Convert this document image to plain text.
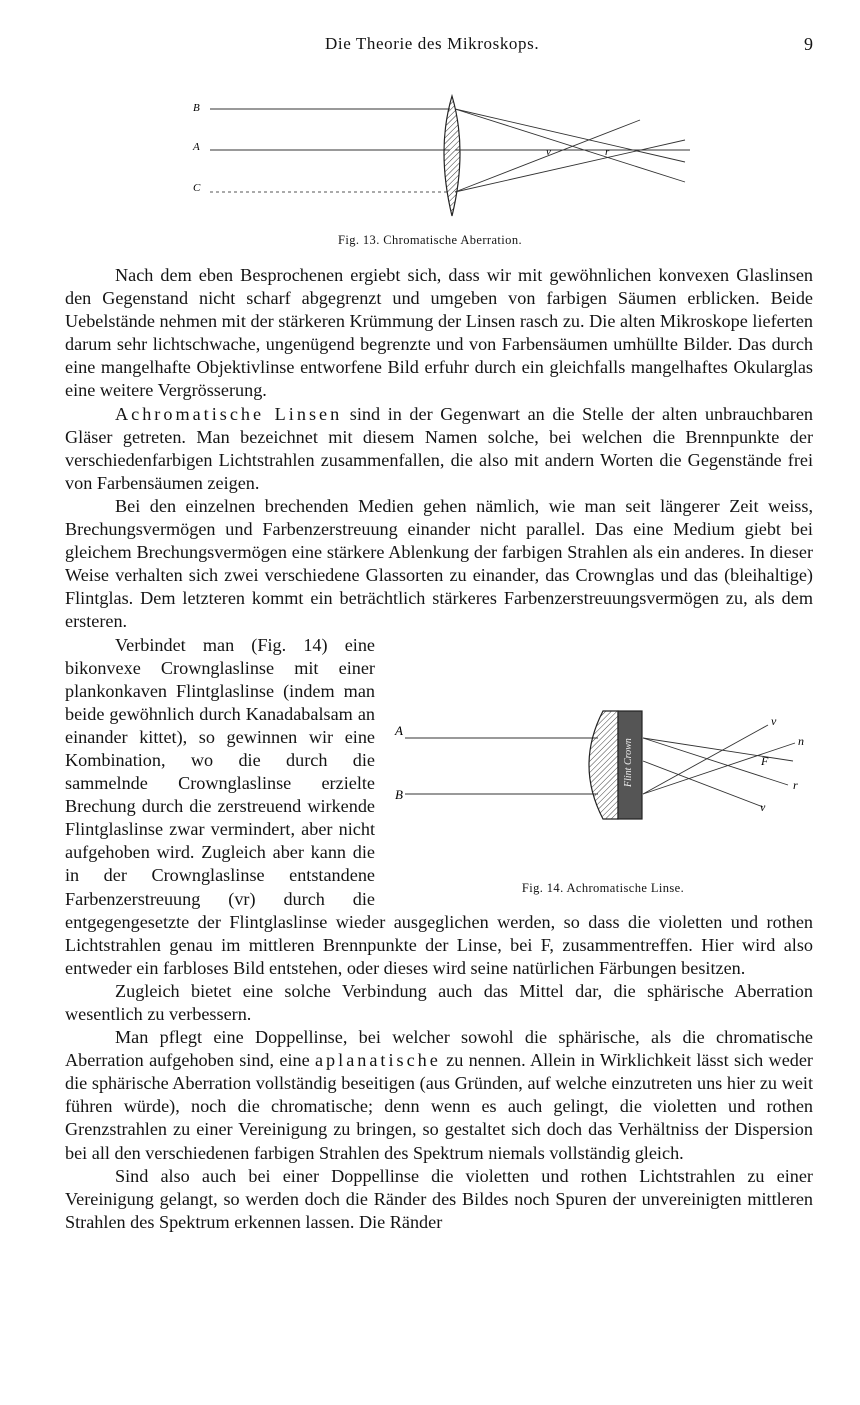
Die Theorie des Mikroskops.	9
B
A
C
v	r
Fig. 13. Chromatische Aberration.

Nach dem eben Besprochenen ergiebt sich, dass wir mit gewöhnlichen konvexen Glaslinsen den Gegenstand nicht scharf abgegrenzt und umgeben von farbigen Säumen erblicken. Beide Uebelstände nehmen mit der stärkeren Krümmung der Linsen rasch zu. Die alten Mikroskope lieferten darum sehr lichtschwache, ungenügend begrenzte und von Farbensäumen umhüllte Bilder. Das durch eine mangelhafte Objektivlinse entworfene Bild erfuhr durch ein gleichfalls mangelhaftes Okularglas eine weitere Vergrösserung.

Achromatische Linsen sind in der Gegenwart an die Stelle der alten unbrauchbaren Gläser getreten. Man bezeichnet mit diesem Namen solche, bei welchen die Brennpunkte der verschiedenfarbigen Lichtstrahlen zusammenfallen, die also mit andern Worten die Gegenstände frei von Farbensäumen zeigen.

Bei den einzelnen brechenden Medien gehen nämlich, wie man seit längerer Zeit weiss, Brechungsvermögen und Farbenzerstreuung einander nicht parallel. Das eine Medium giebt bei gleichem Brechungsvermögen eine stärkere Ablenkung der farbigen Strahlen als ein anderes. In dieser Weise verhalten sich zwei verschiedene Glassorten zu einander, das Crownglas und das (bleihaltige) Flintglas. Dem letzteren kommt ein beträchtlich stärkeres Farbenzerstreuungsvermögen zu, als dem ersteren.

A
B
Flint Crown
v
n
F
r
v
Fig. 14. Achromatische Linse.

Verbindet man (Fig. 14) eine bikonvexe Crownglaslinse mit einer plankonkaven Flintglaslinse (indem man beide gewöhnlich durch Kanadabalsam an einander kittet), so gewinnen wir eine Kombination, wo die durch die sammelnde Crownglaslinse erzielte Brechung durch die zerstreuend wirkende Flintglaslinse zwar vermindert, aber nicht aufgehoben wird. Zugleich aber kann die in der Crownglaslinse entstandene Farbenzerstreuung (vr) durch die entgegengesetzte der Flintglaslinse wieder ausgeglichen werden, so dass die violetten und rothen Lichtstrahlen genau im mittleren Brennpunkte der Linse, bei F, zusammentreffen. Hier wird also entweder ein farbloses Bild entstehen, oder dieses wird seine natürlichen Färbungen besitzen.

Zugleich bietet eine solche Verbindung auch das Mittel dar, die sphärische Aberration wesentlich zu verbessern.

Man pflegt eine Doppellinse, bei welcher sowohl die sphärische, als die chromatische Aberration aufgehoben sind, eine aplanatische zu nennen. Allein in Wirklichkeit lässt sich weder die sphärische Aberration vollständig beseitigen (aus Gründen, auf welche einzutreten uns hier zu weit führen würde), noch die chromatische; denn wenn es auch gelingt, die violetten und rothen Grenzstrahlen zu einer Vereinigung zu bringen, so gestaltet sich doch das Verhältniss der Dispersion bei all den verschiedenen farbigen Strahlen des Spektrum niemals vollständig gleich.

Sind also auch bei einer Doppellinse die violetten und rothen Lichtstrahlen zu einer Vereinigung gelangt, so werden doch die Ränder des Bildes noch Spuren der unvereinigten mittleren Strahlen des Spektrum erkennen lassen. Die Ränder
